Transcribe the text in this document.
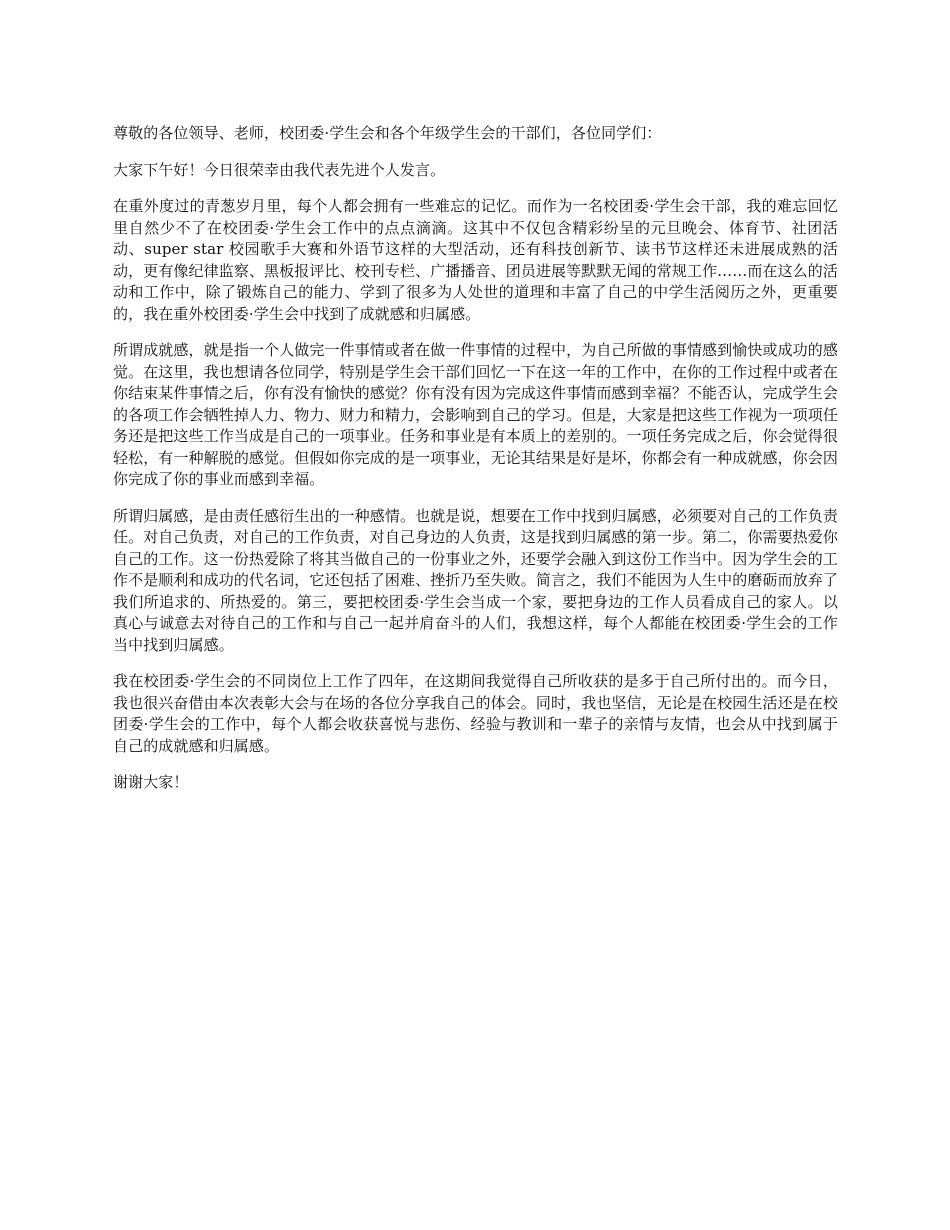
尊敬的各位领导、老师，校团委·学生会和各个年级学生会的干部们，各位同学们：

大家下午好！今日很荣幸由我代表先进个人发言。

在重外度过的青葱岁月里，每个人都会拥有一些难忘的记忆。而作为一名校团委·学生会干部，我的难忘回忆里自然少不了在校团委·学生会工作中的点点滴滴。这其中不仅包含精彩纷呈的元旦晚会、体育节、社团活动、super star 校园歌手大赛和外语节这样的大型活动，还有科技创新节、读书节这样还未进展成熟的活动，更有像纪律监察、黑板报评比、校刊专栏、广播播音、团员进展等默默无闻的常规工作……而在这么的活动和工作中，除了锻炼自己的能力、学到了很多为人处世的道理和丰富了自己的中学生活阅历之外，更重要的，我在重外校团委·学生会中找到了成就感和归属感。

所谓成就感，就是指一个人做完一件事情或者在做一件事情的过程中，为自己所做的事情感到愉快或成功的感觉。在这里，我也想请各位同学，特别是学生会干部们回忆一下在这一年的工作中，在你的工作过程中或者在你结束某件事情之后，你有没有愉快的感觉？你有没有因为完成这件事情而感到幸福？不能否认，完成学生会的各项工作会牺牲掉人力、物力、财力和精力，会影响到自己的学习。但是，大家是把这些工作视为一项项任务还是把这些工作当成是自己的一项事业。任务和事业是有本质上的差别的。一项任务完成之后，你会觉得很轻松，有一种解脱的感觉。但假如你完成的是一项事业，无论其结果是好是坏，你都会有一种成就感，你会因你完成了你的事业而感到幸福。

所谓归属感，是由责任感衍生出的一种感情。也就是说，想要在工作中找到归属感，必须要对自己的工作负责任。对自己负责，对自己的工作负责，对自己身边的人负责，这是找到归属感的第一步。第二，你需要热爱你自己的工作。这一份热爱除了将其当做自己的一份事业之外，还要学会融入到这份工作当中。因为学生会的工作不是顺利和成功的代名词，它还包括了困难、挫折乃至失败。简言之，我们不能因为人生中的磨砺而放弃了我们所追求的、所热爱的。第三，要把校团委·学生会当成一个家，要把身边的工作人员看成自己的家人。以真心与诚意去对待自己的工作和与自己一起并肩奋斗的人们，我想这样，每个人都能在校团委·学生会的工作当中找到归属感。

我在校团委·学生会的不同岗位上工作了四年，在这期间我觉得自己所收获的是多于自己所付出的。而今日，我也很兴奋借由本次表彰大会与在场的各位分享我自己的体会。同时，我也坚信，无论是在校园生活还是在校团委·学生会的工作中，每个人都会收获喜悦与悲伤、经验与教训和一辈子的亲情与友情，也会从中找到属于自己的成就感和归属感。

谢谢大家！
